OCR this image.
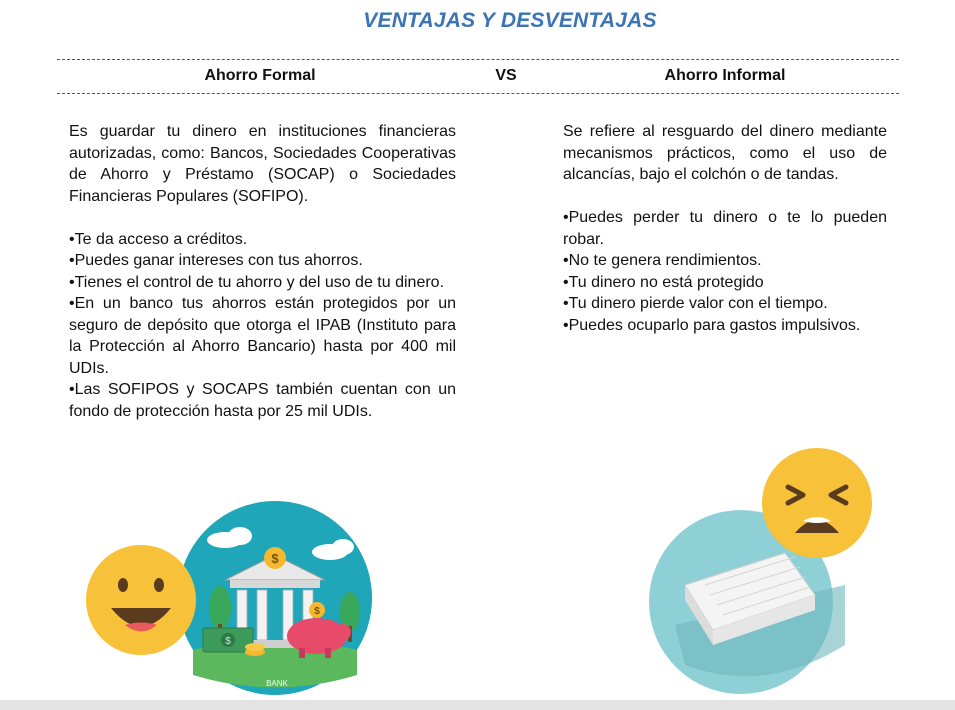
VENTAJAS Y DESVENTAJAS
Ahorro Formal	VS	Ahorro Informal

Es guardar tu dinero en instituciones financieras autorizadas, como: Bancos, Sociedades Cooperativas de Ahorro y Préstamo (SOCAP) o Sociedades Financieras Populares (SOFIPO).

•Te da acceso a créditos.
•Puedes ganar intereses con tus ahorros.
•Tienes el control de tu ahorro y del uso de tu dinero.
•En un banco tus ahorros están protegidos por un seguro de depósito que otorga el IPAB (Instituto para la Protección al Ahorro Bancario) hasta por 400 mil UDIs.
•Las SOFIPOS y SOCAPS también cuentan con un fondo de protección hasta por 25 mil UDIs.

Se refiere al resguardo del dinero mediante mecanismos prácticos, como el uso de alcancías, bajo el colchón o de tandas.

•Puedes perder tu dinero o te lo pueden robar.
•No te genera rendimientos.
•Tu dinero no está protegido
•Tu dinero pierde valor con el tiempo.
•Puedes ocuparlo para gastos impulsivos.
$
$
$
BANK
